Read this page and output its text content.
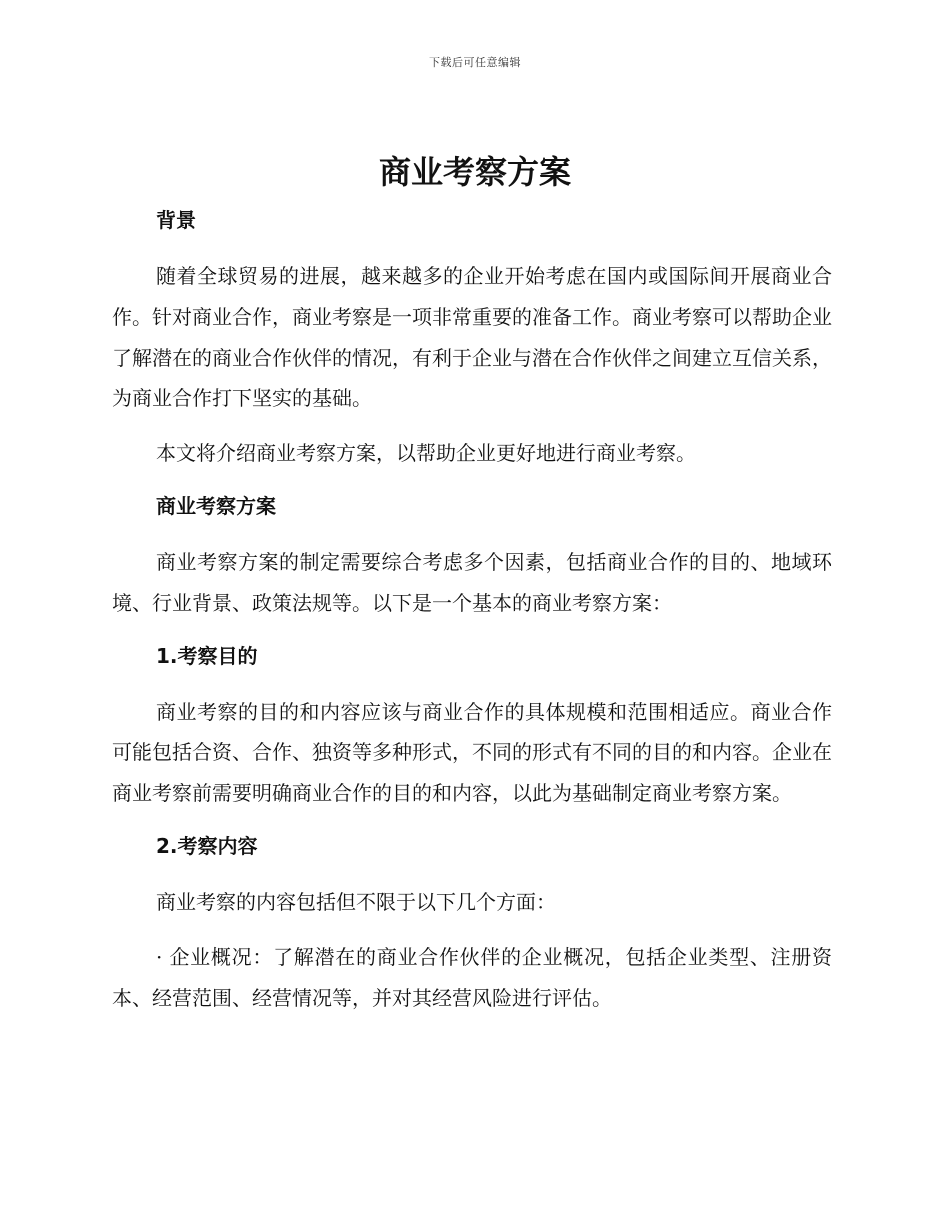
下载后可任意编辑
商业考察方案
背景

随着全球贸易的进展，越来越多的企业开始考虑在国内或国际间开展商业合作。针对商业合作，商业考察是一项非常重要的准备工作。商业考察可以帮助企业了解潜在的商业合作伙伴的情况，有利于企业与潜在合作伙伴之间建立互信关系，为商业合作打下坚实的基础。

本文将介绍商业考察方案，以帮助企业更好地进行商业考察。

商业考察方案

商业考察方案的制定需要综合考虑多个因素，包括商业合作的目的、地域环境、行业背景、政策法规等。以下是一个基本的商业考察方案：

1.考察目的

商业考察的目的和内容应该与商业合作的具体规模和范围相适应。商业合作可能包括合资、合作、独资等多种形式，不同的形式有不同的目的和内容。企业在商业考察前需要明确商业合作的目的和内容，以此为基础制定商业考察方案。

2.考察内容

商业考察的内容包括但不限于以下几个方面：

· 企业概况：了解潜在的商业合作伙伴的企业概况，包括企业类型、注册资本、经营范围、经营情况等，并对其经营风险进行评估。
